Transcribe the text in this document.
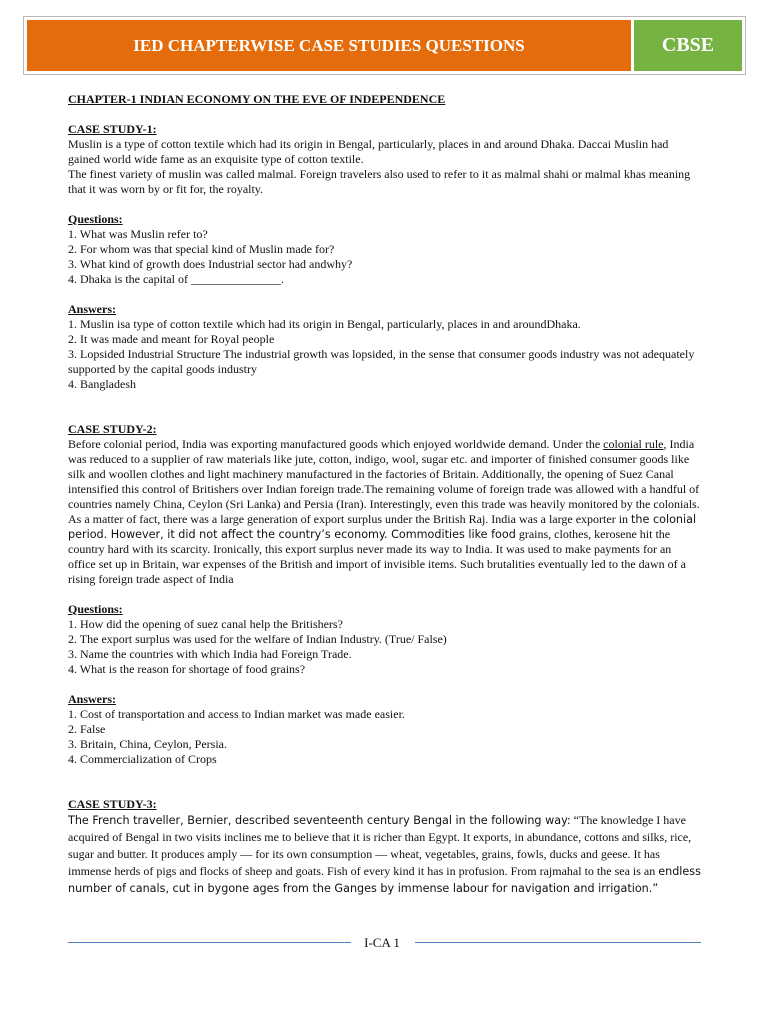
IED CHAPTERWISE CASE STUDIES QUESTIONS	CBSE
CHAPTER-1 INDIAN ECONOMY ON THE EVE OF INDEPENDENCE
CASE STUDY-1:

Muslin is a type of cotton textile which had its origin in Bengal, particularly, places in and around Dhaka. Daccai Muslin had gained world wide fame as an exquisite type of cotton textile.

The finest variety of muslin was called malmal. Foreign travelers also used to refer to it as malmal shahi or malmal khas meaning that it was worn by or fit for, the royalty.

Questions:
1. What was Muslin refer to?
2. For whom was that special kind of Muslin made for?
3. What kind of growth does Industrial sector had andwhy?
4. Dhaka is the capital of _______________.
Answers:
1. Muslin isa type of cotton textile which had its origin in Bengal, particularly, places in and aroundDhaka.
2. It was made and meant for Royal people
3. Lopsided Industrial Structure The industrial growth was lopsided, in the sense that consumer goods industry was not adequately supported by the capital goods industry
4. Bangladesh
CASE STUDY-2:

Before colonial period, India was exporting manufactured goods which enjoyed worldwide demand. Under the colonial rule, India was reduced to a supplier of raw materials like jute, cotton, indigo, wool, sugar etc. and importer of finished consumer goods like silk and woollen clothes and light machinery manufactured in the factories of Britain. Additionally, the opening of Suez Canal intensified this control of Britishers over Indian foreign trade.The remaining volume of foreign trade was allowed with a handful of countries namely China, Ceylon (Sri Lanka) and Persia (Iran). Interestingly, even this trade was heavily monitored by the colonials. As a matter of fact, there was a large generation of export surplus under the British Raj. India was a large exporter in the colonial period. However, it did not affect the country’s economy. Commodities like food grains, clothes, kerosene hit the country hard with its scarcity. Ironically, this export surplus never made its way to India. It was used to make payments for an office set up in Britain, war expenses of the British and import of invisible items. Such brutalities eventually led to the dawn of a rising foreign trade aspect of India

Questions:
1. How did the opening of suez canal help the Britishers?
2. The export surplus was used for the welfare of Indian Industry. (True/ False)
3. Name the countries with which India had Foreign Trade.
4. What is the reason for shortage of food grains?
Answers:
1. Cost of transportation and access to Indian market was made easier.
2. False
3. Britain, China, Ceylon, Persia.
4. Commercialization of Crops
CASE STUDY-3:

The French traveller, Bernier, described seventeenth century Bengal in the following way: “The knowledge I have acquired of Bengal in two visits inclines me to believe that it is richer than Egypt. It exports, in abundance, cottons and silks, rice, sugar and butter. It produces amply — for its own consumption — wheat, vegetables, grains, fowls, ducks and geese. It has immense herds of pigs and flocks of sheep and goats. Fish of every kind it has in profusion. From rajmahal to the sea is an endless number of canals, cut in bygone ages from the Ganges by immense labour for navigation and irrigation.”

I-CA 1
